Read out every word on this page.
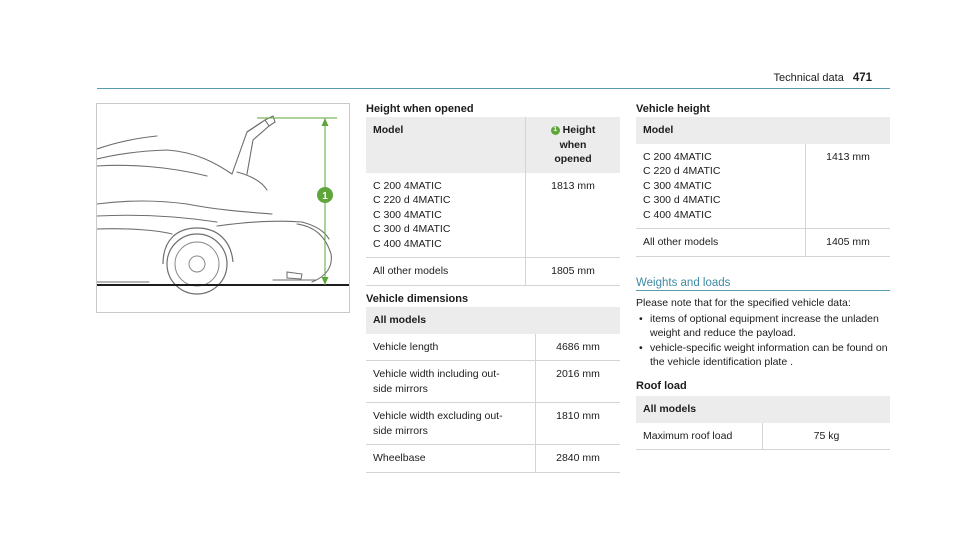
Technical data 471
1
Height when opened
Model	1 Height
when
opened
C 200 4MATIC
C 220 d 4MATIC
C 300 4MATIC
C 300 d 4MATIC
C 400 4MATIC	1813 mm
All other models	1805 mm
Vehicle dimensions
All models	
Vehicle length	4686 mm
Vehicle width including out-
side mirrors	2016 mm
Vehicle width excluding out-
side mirrors	1810 mm
Wheelbase	2840 mm
Vehicle height
Model	
C 200 4MATIC
C 220 d 4MATIC
C 300 4MATIC
C 300 d 4MATIC
C 400 4MATIC	1413 mm
All other models	1405 mm
Weights and loads
Please note that for the specified vehicle data:
• items of optional equipment increase the unladen weight and reduce the payload.
• vehicle-specific weight information can be found on the vehicle identification plate .
Roof load
All models
Maximum roof load	75 kg
